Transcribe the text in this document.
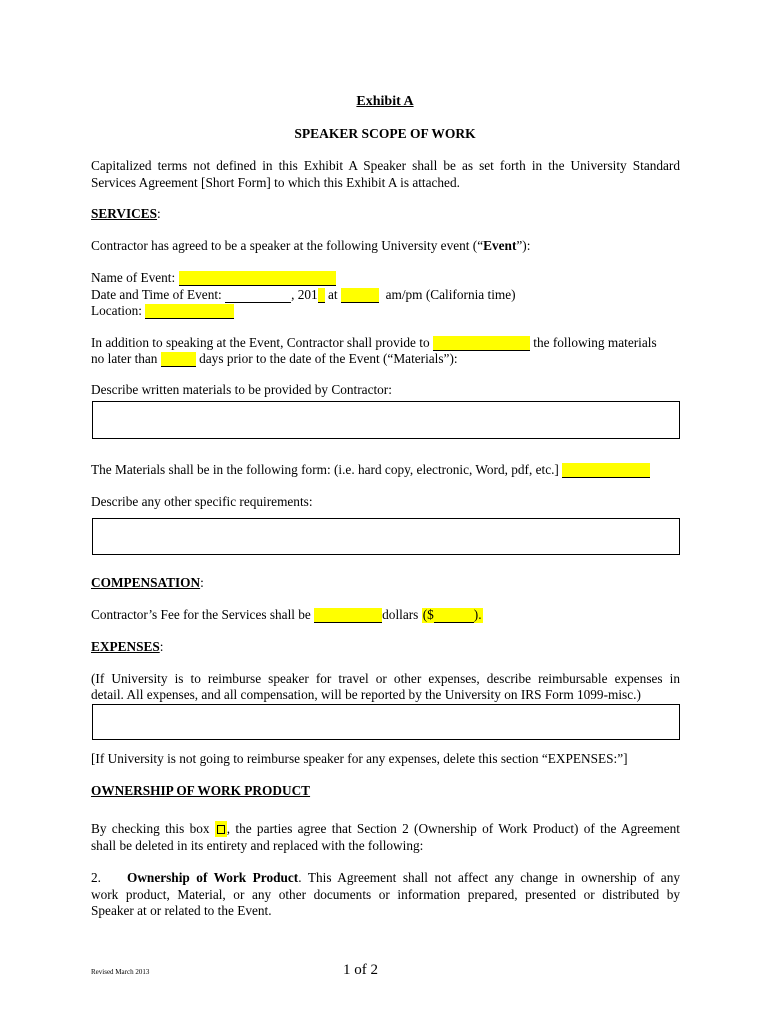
Exhibit A
SPEAKER SCOPE OF WORK
Capitalized terms not defined in this Exhibit A Speaker shall be as set forth in the University Standard
Services Agreement [Short Form] to which this Exhibit A is attached.
SERVICES:
Contractor has agreed to be a speaker at the following University event (“Event”):
Name of Event:
Date and Time of Event:	, 201 at	am/pm (California time)
Location:
In addition to speaking at the Event, Contractor shall provide to	the following materials
no later than	days prior to the date of the Event (“Materials”):
Describe written materials to be provided by Contractor:
The Materials shall be in the following form: (i.e. hard copy, electronic, Word, pdf, etc.]
Describe any other specific requirements:
COMPENSATION:
Contractor’s Fee for the Services shall be	dollars ($	).
EXPENSES:
(If University is to reimburse speaker for travel or other expenses, describe reimbursable expenses in
detail. All expenses, and all compensation, will be reported by the University on IRS Form 1099-misc.)
[If University is not going to reimburse speaker for any expenses, delete this section “EXPENSES:”]
OWNERSHIP OF WORK PRODUCT
By checking this box , the parties agree that Section 2 (Ownership of Work Product) of the Agreement
shall be deleted in its entirety and replaced with the following:
2. Ownership of Work Product. This Agreement shall not affect any change in ownership of any
work product, Material, or any other documents or information prepared, presented or distributed by
Speaker at or related to the Event.
Revised March 2013	1 of 2
